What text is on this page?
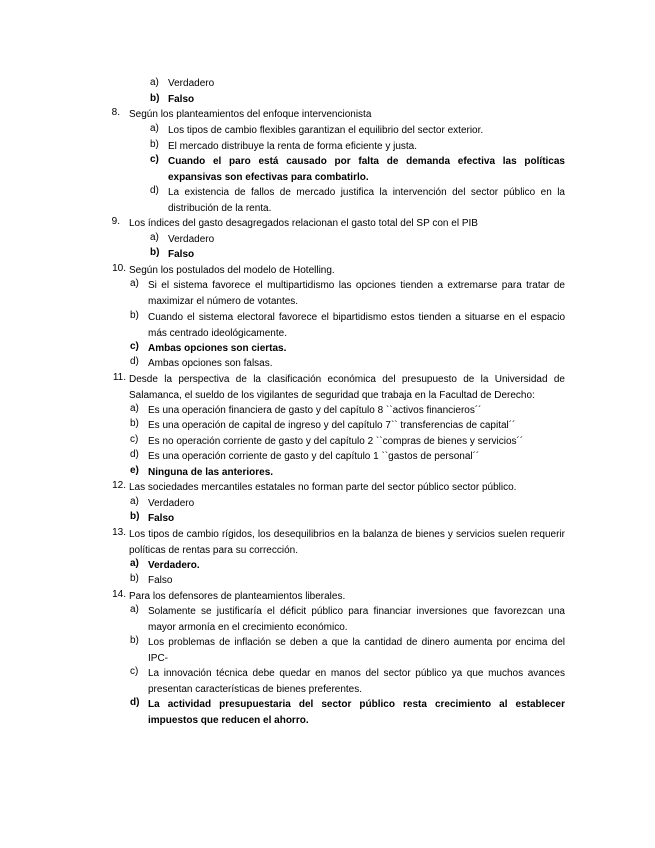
a) Verdadero
b) Falso
8. Según los planteamientos del enfoque intervencionista
a) Los tipos de cambio flexibles garantizan el equilibrio del sector exterior.
b) El mercado distribuye la renta de forma eficiente y justa.
c) Cuando el paro está causado por falta de demanda efectiva las políticas expansivas son efectivas para combatirlo.
d) La existencia de fallos de mercado justifica la intervención del sector público en la distribución de la renta.
9. Los índices del gasto desagregados relacionan el gasto total del SP con el PIB
a) Verdadero
b) Falso
10. Según los postulados del modelo de Hotelling.
a) Si el sistema favorece el multipartidismo las opciones tienden a extremarse para tratar de maximizar el número de votantes.
b) Cuando el sistema electoral favorece el bipartidismo estos tienden a situarse en el espacio más centrado ideológicamente.
c) Ambas opciones son ciertas.
d) Ambas opciones son falsas.
11. Desde la perspectiva de la clasificación económica del presupuesto de la Universidad de Salamanca, el sueldo de los vigilantes de seguridad que trabaja en la Facultad de Derecho:
a) Es una operación financiera de gasto y del capítulo 8 ``activos financieros´´
b) Es una operación de capital de ingreso y del capítulo 7`` transferencias de capital´´
c) Es no operación corriente de gasto y del capítulo 2 ``compras de bienes y servicios´´
d) Es una operación corriente de gasto y del capítulo 1 ``gastos de personal´´
e) Ninguna de las anteriores.
12. Las sociedades mercantiles estatales no forman parte del sector público sector público.
a) Verdadero
b) Falso
13. Los tipos de cambio rígidos, los desequilibrios en la balanza de bienes y servicios suelen requerir políticas de rentas para su corrección.
a) Verdadero.
b) Falso
14. Para los defensores de planteamientos liberales.
a) Solamente se justificaría el déficit público para financiar inversiones que favorezcan una mayor armonía en el crecimiento económico.
b) Los problemas de inflación se deben a que la cantidad de dinero aumenta por encima del IPC-
c) La innovación técnica debe quedar en manos del sector público ya que muchos avances presentan características de bienes preferentes.
d) La actividad presupuestaria del sector público resta crecimiento al establecer impuestos que reducen el ahorro.
